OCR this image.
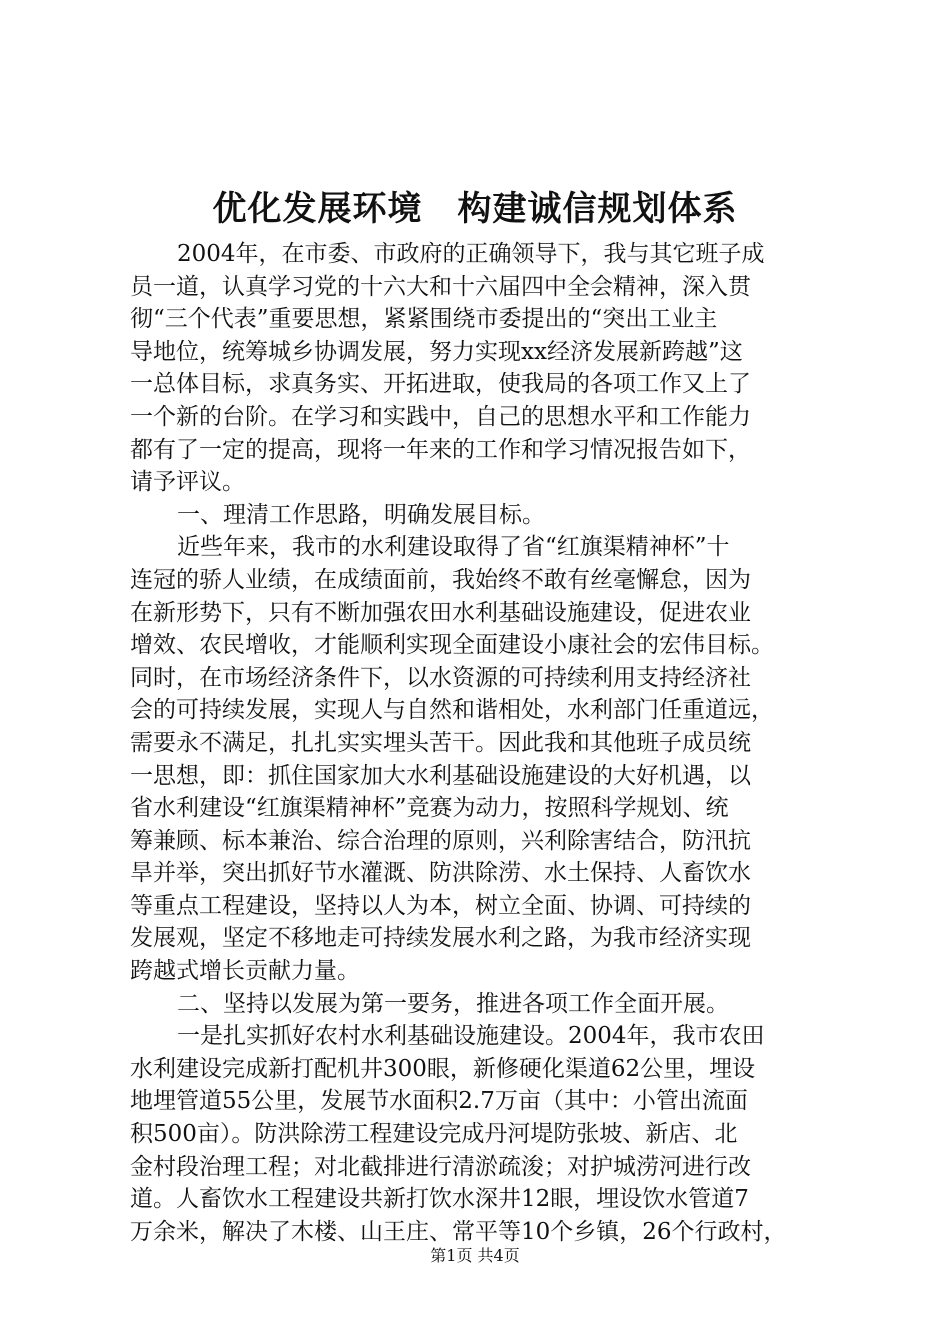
优化发展环境　构建诚信规划体系
2004年，在市委、市政府的正确领导下，我与其它班子成
员一道，认真学习党的十六大和十六届四中全会精神，深入贯
彻“三个代表”重要思想，紧紧围绕市委提出的“突出工业主
导地位，统筹城乡协调发展，努力实现xx经济发展新跨越”这
一总体目标，求真务实、开拓进取，使我局的各项工作又上了
一个新的台阶。在学习和实践中，自己的思想水平和工作能力
都有了一定的提高，现将一年来的工作和学习情况报告如下，
请予评议。
一、理清工作思路，明确发展目标。
近些年来，我市的水利建设取得了省“红旗渠精神杯”十
连冠的骄人业绩，在成绩面前，我始终不敢有丝毫懈怠，因为
在新形势下，只有不断加强农田水利基础设施建设，促进农业
增效、农民增收，才能顺利实现全面建设小康社会的宏伟目标。
同时，在市场经济条件下，以水资源的可持续利用支持经济社
会的可持续发展，实现人与自然和谐相处，水利部门任重道远，
需要永不满足，扎扎实实埋头苦干。因此我和其他班子成员统
一思想，即：抓住国家加大水利基础设施建设的大好机遇，以
省水利建设“红旗渠精神杯”竞赛为动力，按照科学规划、统
筹兼顾、标本兼治、综合治理的原则，兴利除害结合，防汛抗
旱并举，突出抓好节水灌溉、防洪除涝、水土保持、人畜饮水
等重点工程建设，坚持以人为本，树立全面、协调、可持续的
发展观，坚定不移地走可持续发展水利之路，为我市经济实现
跨越式增长贡献力量。
二、坚持以发展为第一要务，推进各项工作全面开展。
一是扎实抓好农村水利基础设施建设。2004年，我市农田
水利建设完成新打配机井300眼，新修硬化渠道62公里，埋设
地埋管道55公里，发展节水面积2.7万亩（其中：小管出流面
积500亩）。防洪除涝工程建设完成丹河堤防张坡、新店、北
金村段治理工程；对北截排进行清淤疏浚；对护城涝河进行改
道。人畜饮水工程建设共新打饮水深井12眼，埋设饮水管道7
万余米，解决了木楼、山王庄、常平等10个乡镇，26个行政村，
第1页 共4页
